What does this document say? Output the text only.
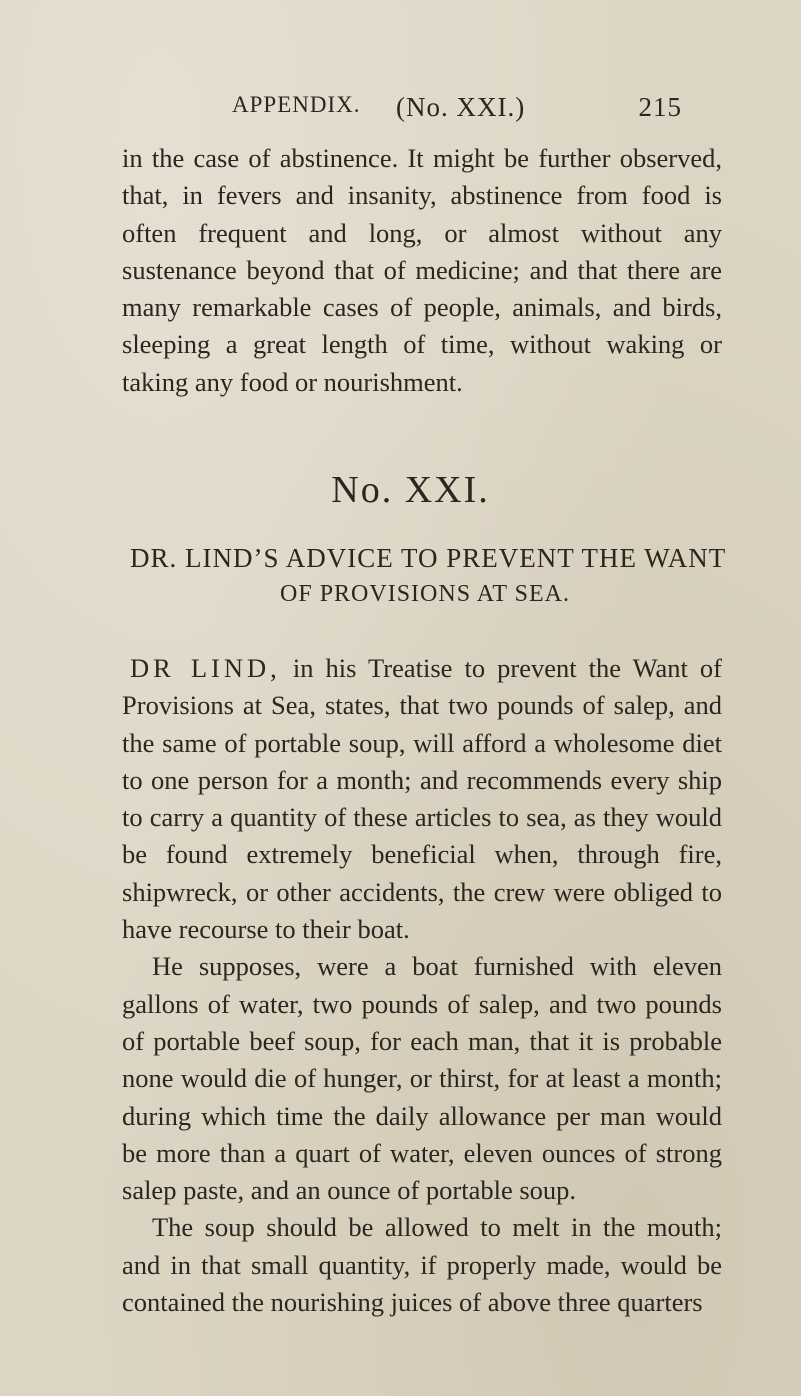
APPENDIX. (No. XXI.)	215

in the case of abstinence. It might be further observed, that, in fevers and insanity, abstinence from food is often frequent and long, or almost without any sustenance beyond that of medicine; and that there are many remarkable cases of people, animals, and birds, sleeping a great length of time, without waking or taking any food or nourishment.

No. XXI.
DR. LIND’S ADVICE TO PREVENT THE WANT
OF PROVISIONS AT SEA.

DR LIND, in his Treatise to prevent the Want of Provisions at Sea, states, that two pounds of salep, and the same of portable soup, will afford a wholesome diet to one person for a month; and recommends every ship to carry a quantity of these articles to sea, as they would be found extremely beneficial when, through fire, shipwreck, or other accidents, the crew were obliged to have recourse to their boat.

He supposes, were a boat furnished with eleven gallons of water, two pounds of salep, and two pounds of portable beef soup, for each man, that it is probable none would die of hunger, or thirst, for at least a month; during which time the daily allowance per man would be more than a quart of water, eleven ounces of strong salep paste, and an ounce of portable soup.

The soup should be allowed to melt in the mouth; and in that small quantity, if properly made, would be contained the nourishing juices of above three quarters
